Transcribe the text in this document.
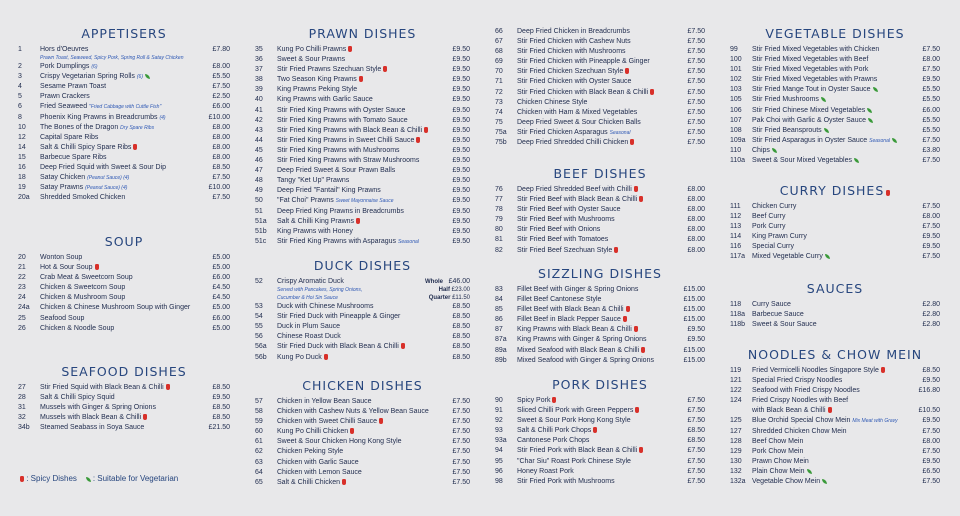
APPETISERS
1	Hors d'Oeuvres	£7.80
Prawn Toast, Seaweed, Spicy Pork, Spring Roll & Satay Chicken
2	Pork Dumplings (6)	£8.00
3	Crispy Vegetarian Spring Rolls (6)	£5.50
4	Sesame Prawn Toast	£7.50
5	Prawn Crackers	£2.50
6	Fried Seaweed "Fried Cabbage with Cuttle Fish"	£6.00
8	Phoenix King Prawns in Breadcrumbs (4)	£10.00
10	The Bones of the Dragon Dry Spare Ribs	£8.00
12	Capital Spare Ribs	£8.00
14	Salt & Chilli Spicy Spare Ribs	£8.00
15	Barbecue Spare Ribs	£8.00
16	Deep Fried Squid with Sweet & Sour Dip	£8.50
18	Satay Chicken (Peanut Sauce) (4)	£7.50
19	Satay Prawns (Peanut Sauce) (4)	£10.00
20a	Shredded Smoked Chicken	£7.50
SOUP
20	Wonton Soup	£5.00
21	Hot & Sour Soup	£5.00
22	Crab Meat & Sweetcorn Soup	£6.00
23	Chicken & Sweetcorn Soup	£4.50
24	Chicken & Mushroom Soup	£4.50
24a	Chicken & Chinese Mushroom Soup with Ginger	£5.00
25	Seafood Soup	£6.00
26	Chicken & Noodle Soup	£5.00
SEAFOOD DISHES
27	Stir Fried Squid with Black Bean & Chilli	£8.50
28	Salt & Chilli Spicy Squid	£9.50
31	Mussels with Ginger & Spring Onions	£8.50
32	Mussels with Black Bean & Chilli	£8.50
34b	Steamed Seabass in Soya Sauce	£21.50
PRAWN DISHES
35	Kung Po Chilli Prawns	£9.50
36	Sweet & Sour Prawns	£9.50
37	Stir Fried Prawns Szechuan Style	£9.50
38	Two Season King Prawns	£9.50
39	King Prawns Peking Style	£9.50
40	King Prawns with Garlic Sauce	£9.50
41	Stir Fried King Prawns with Oyster Sauce	£9.50
42	Stir Fried King Prawns with Tomato Sauce	£9.50
43	Stir Fried King Prawns with Black Bean & Chilli	£9.50
44	Stir Fried King Prawns in Sweet Chilli Sauce	£9.50
45	Stir Fried King Prawns with Mushrooms	£9.50
46	Stir Fried King Prawns with Straw Mushrooms	£9.50
47	Deep Fried Sweet & Sour Prawn Balls	£9.50
48	Tangy "Ket Up" Prawns	£9.50
49	Deep Fried "Fantail" King Prawns	£9.50
50	"Fat Choi" Prawns Sweet Mayonnaise Sauce	£9.50
51	Deep Fried King Prawns in Breadcrumbs	£9.50
51a	Salt & Chilli King Prawns	£9.50
51b	King Prawns with Honey	£9.50
51c	Stir Fried King Prawns with Asparagus Seasonal	£9.50
DUCK DISHES
52	Crispy Aromatic Duck	Whole £46.00
Served with Pancakes, Spring Onions,	Half £23.00
Cucumber & Hoi Sin Sauce	Quarter £11.50
53	Duck with Chinese Mushrooms	£8.50
54	Stir Fried Duck with Pineapple & Ginger	£8.50
55	Duck in Plum Sauce	£8.50
56	Chinese Roast Duck	£8.50
56a	Stir Fried Duck with Black Bean & Chilli	£8.50
56b	Kung Po Duck	£8.50
CHICKEN DISHES
57	Chicken in Yellow Bean Sauce	£7.50
58	Chicken with Cashew Nuts & Yellow Bean Sauce	£7.50
59	Chicken with Sweet Chilli Sauce	£7.50
60	Kung Po Chilli Chicken	£7.50
61	Sweet & Sour Chicken Hong Kong Style	£7.50
62	Chicken Peking Style	£7.50
63	Chicken with Garlic Sauce	£7.50
64	Chicken with Lemon Sauce	£7.50
65	Salt & Chilli Chicken	£7.50
66	Deep Fried Chicken in Breadcrumbs	£7.50
67	Stir Fried Chicken with Cashew Nuts	£7.50
68	Stir Fried Chicken with Mushrooms	£7.50
69	Stir Fried Chicken with Pineapple & Ginger	£7.50
70	Stir Fried Chicken Szechuan Style	£7.50
71	Stir Fried Chicken with Oyster Sauce	£7.50
72	Stir Fried Chicken with Black Bean & Chilli	£7.50
73	Chicken Chinese Style	£7.50
74	Chicken with Ham & Mixed Vegetables	£7.50
75	Deep Fried Sweet & Sour Chicken Balls	£7.50
75a	Stir Fried Chicken Asparagus Seasonal	£7.50
75b	Deep Fried Shredded Chilli Chicken	£7.50
BEEF DISHES
76	Deep Fried Shredded Beef with Chilli	£8.00
77	Stir Fried Beef with Black Bean & Chilli	£8.00
78	Stir Fried Beef with Oyster Sauce	£8.00
79	Stir Fried Beef with Mushrooms	£8.00
80	Stir Fried Beef with Onions	£8.00
81	Stir Fried Beef with Tomatoes	£8.00
82	Stir Fried Beef Szechuan Style	£8.00
SIZZLING DISHES
83	Fillet Beef with Ginger & Spring Onions	£15.00
84	Fillet Beef Cantonese Style	£15.00
85	Fillet Beef with Black Bean & Chilli	£15.00
86	Fillet Beef in Black Pepper Sauce	£15.00
87	King Prawns with Black Bean & Chilli	£9.50
87a	King Prawns with Ginger & Spring Onions	£9.50
89a	Mixed Seafood with Black Bean & Chilli	£15.00
89b	Mixed Seafood with Ginger & Spring Onions	£15.00
PORK DISHES
90	Spicy Pork	£7.50
91	Sliced Chilli Pork with Green Peppers	£7.50
92	Sweet & Sour Pork Hong Kong Style	£7.50
93	Salt & Chilli Pork Chops	£8.50
93a	Cantonese Pork Chops	£8.50
94	Stir Fried Pork with Black Bean & Chilli	£7.50
95	"Char Siu" Roast Pork Chinese Style	£7.50
96	Honey Roast Pork	£7.50
98	Stir Fried Pork with Mushrooms	£7.50
VEGETABLE DISHES
99	Stir Fried Mixed Vegetables with Chicken	£7.50
100	Stir Fried Mixed Vegetables with Beef	£8.00
101	Stir Fried Mixed Vegetables with Pork	£7.50
102	Stir Fried Mixed Vegetables with Prawns	£9.50
103	Stir Fried Mange Tout in Oyster Sauce	£5.50
105	Stir Fried Mushrooms	£5.50
106	Stir Fried Chinese Mixed Vegetables	£6.00
107	Pak Choi with Garlic & Oyster Sauce	£5.50
108	Stir Fried Beansprouts	£5.50
109a Stir Fried Asparagus in Oyster Sauce Seasonal	£7.50
110	Chips	£3.80
110a Sweet & Sour Mixed Vegetables	£7.50
CURRY DISHES
111	Chicken Curry	£7.50
112	Beef Curry	£8.00
113	Pork Curry	£7.50
114	King Prawn Curry	£9.50
116	Special Curry	£9.50
117a Mixed Vegetable Curry	£7.50
SAUCES
118	Curry Sauce	£2.80
118a Barbecue Sauce	£2.80
118b Sweet & Sour Sauce	£2.80
NOODLES & CHOW MEIN
119	Fried Vermicelli Noodles Singapore Style	£8.50
121	Special Fried Crispy Noodles	£9.50
122	Seafood with Fried Crispy Noodles	£16.80
124	Fried Crispy Noodles with Beef
with Black Bean & Chilli	£10.50
125	Blue Orchid Special Chow Mein Mix Meat with Gravy	£9.50
127	Shredded Chicken Chow Mein	£7.50
128	Beef Chow Mein	£8.00
129	Pork Chow Mein	£7.50
130	Prawn Chow Mein	£9.50
132	Plain Chow Mein	£6.50
132a Vegetable Chow Mein	£7.50
: Spicy Dishes : Suitable for Vegetarian
